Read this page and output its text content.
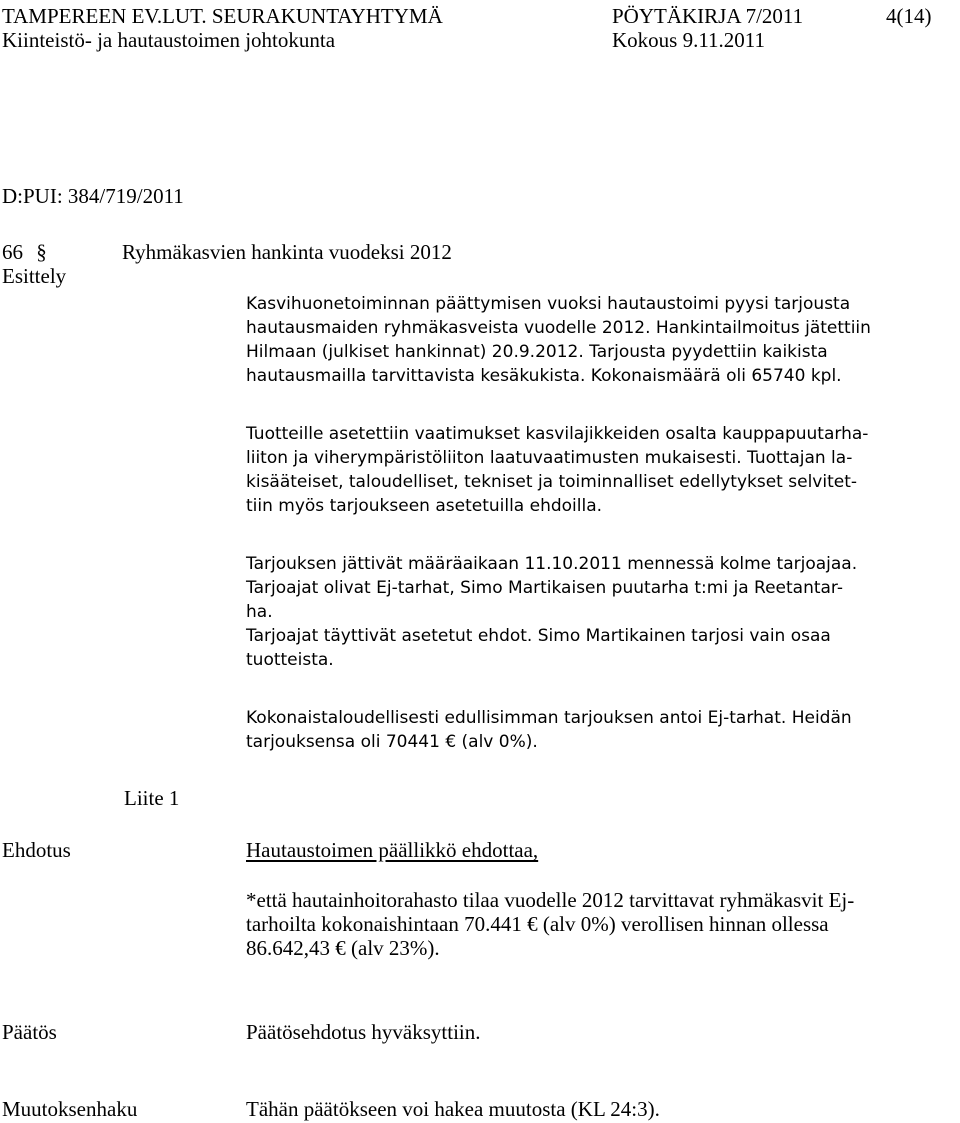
TAMPEREEN EV.LUT. SEURAKUNTAYHTYMÄ	PÖYTÄKIRJA 7/2011	4(14)
Kiinteistö- ja hautaustoimen johtokunta	Kokous 9.11.2011
D:PUI: 384/719/2011
66 §	Ryhmäkasvien hankinta vuodeksi 2012
Esittely
Kasvihuonetoiminnan päättymisen vuoksi hautaustoimi pyysi tarjousta
hautausmaiden ryhmäkasveista vuodelle 2012. Hankintailmoitus jätettiin
Hilmaan (julkiset hankinnat) 20.9.2012. Tarjousta pyydettiin kaikista
hautausmailla tarvittavista kesäkukista. Kokonaismäärä oli 65740 kpl.
Tuotteille asetettiin vaatimukset kasvilajikkeiden osalta kauppapuutarha-
liiton ja viherympäristöliiton laatuvaatimusten mukaisesti. Tuottajan la-
kisääteiset, taloudelliset, tekniset ja toiminnalliset edellytykset selvitet-
tiin myös tarjoukseen asetetuilla ehdoilla.
Tarjouksen jättivät määräaikaan 11.10.2011 mennessä kolme tarjoajaa.
Tarjoajat olivat Ej-tarhat, Simo Martikaisen puutarha t:mi ja Reetantar-
ha.
Tarjoajat täyttivät asetetut ehdot. Simo Martikainen tarjosi vain osaa
tuotteista.
Kokonaistaloudellisesti edullisimman tarjouksen antoi Ej-tarhat. Heidän
tarjouksensa oli 70441 € (alv 0%).
Liite 1
Ehdotus	Hautaustoimen päällikkö ehdottaa,
*että hautainhoitorahasto tilaa vuodelle 2012 tarvittavat ryhmäkasvit Ej-
tarhoilta kokonaishintaan 70.441 € (alv 0%) verollisen hinnan ollessa
86.642,43 € (alv 23%).
Päätös	Päätösehdotus hyväksyttiin.
Muutoksenhaku	Tähän päätökseen voi hakea muutosta (KL 24:3).
